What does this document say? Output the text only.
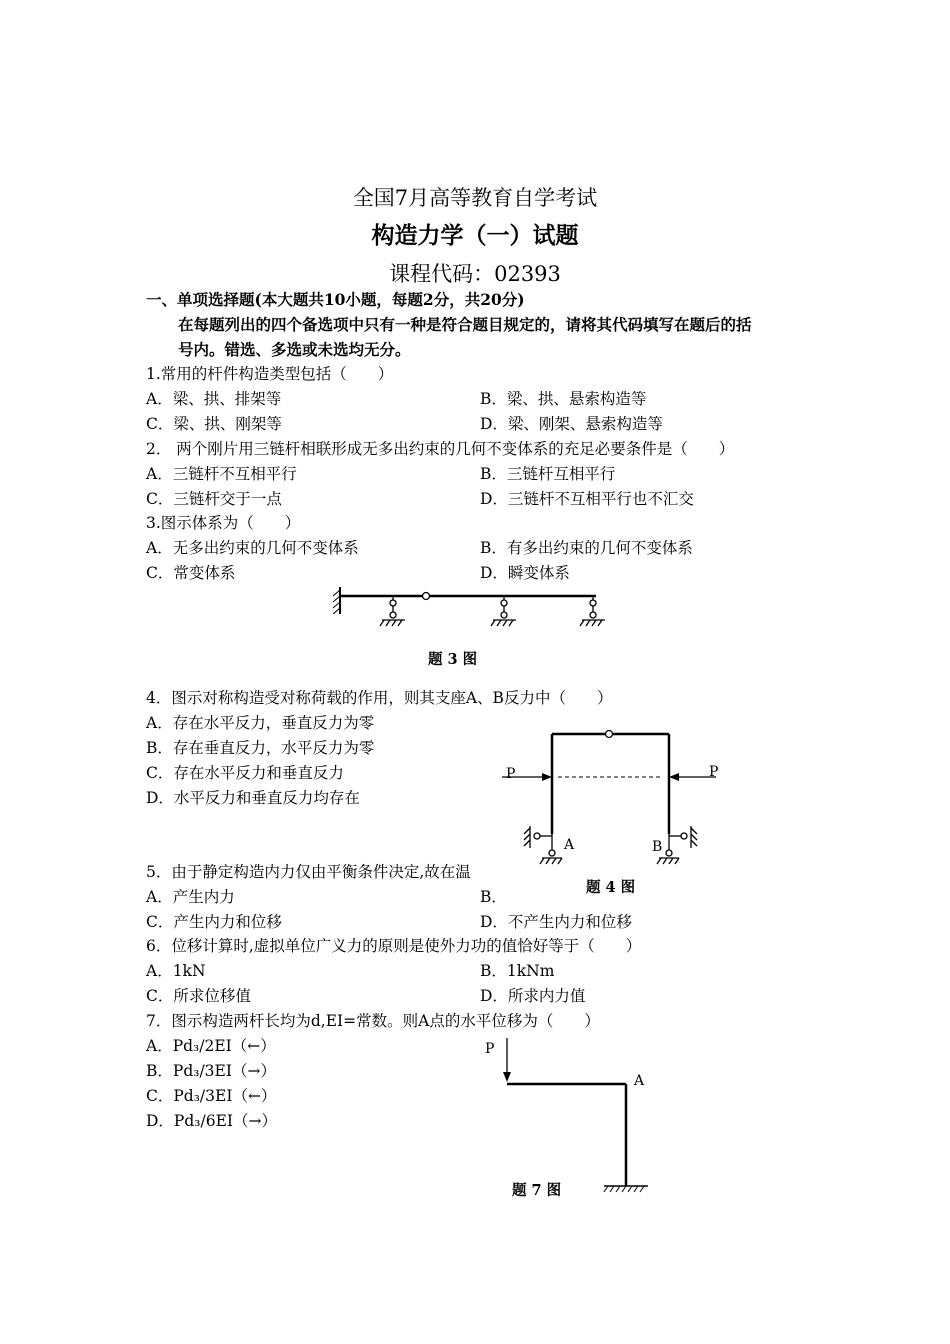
全国7月高等教育自学考试
构造力学（一）试题
课程代码：02393
一、单项选择题(本大题共10小题，每题2分，共20分)
在每题列出的四个备选项中只有一种是符合题目规定的，请将其代码填写在题后的括
号内。错选、多选或未选均无分。
1.常用的杆件构造类型包括（　　）
A．梁、拱、排架等	B．梁、拱、悬索构造等
C．梁、拱、刚架等	D．梁、刚架、悬索构造等
2． 两个刚片用三链杆相联形成无多出约束的几何不变体系的充足必要条件是（　　）
A．三链杆不互相平行	B．三链杆互相平行
C．三链杆交于一点	D．三链杆不互相平行也不汇交
3.图示体系为（　　）
A．无多出约束的几何不变体系	B．有多出约束的几何不变体系
C．常变体系	D．瞬变体系
题 3 图
4．图示对称构造受对称荷载的作用，则其支座A、B反力中（　　）
A．存在水平反力，垂直反力为零
B．存在垂直反力，水平反力为零
C．存在水平反力和垂直反力
D．水平反力和垂直反力均存在
P	P
A	B
题 4 图
5．由于静定构造内力仅由平衡条件决定,故在温
A．产生内力	B．
C．产生内力和位移	D．不产生内力和位移
6．位移计算时,虚拟单位广义力的原则是使外力功的值恰好等于（　　）
A．1kN	B．1kNm
C．所求位移值	D．所求内力值
7．图示构造两杆长均为d,EI=常数。则A点的水平位移为（　　）
A．Pd₃/2EI（←）
B．Pd₃/3EI（→）
C．Pd₃/3EI（←）
D．Pd₃/6EI（→）
P
A
题 7 图
